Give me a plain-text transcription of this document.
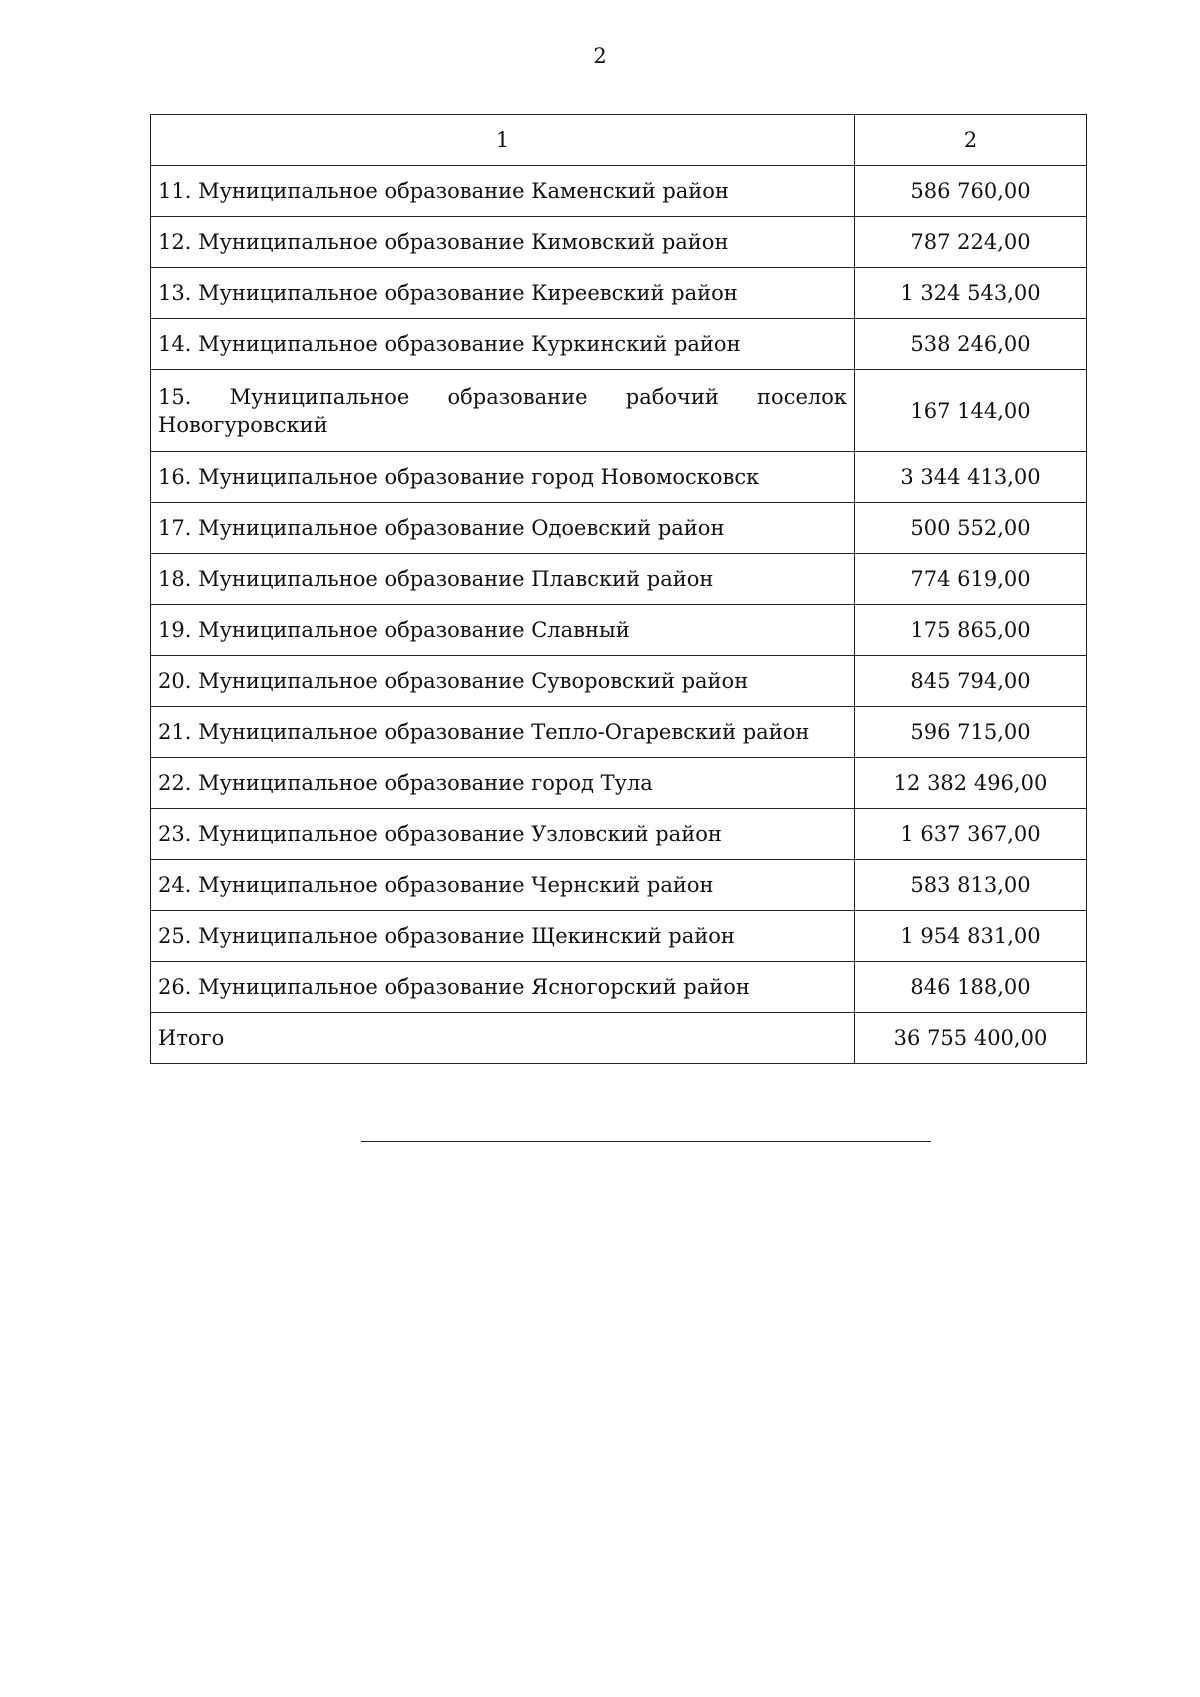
2
1	2
11. Муниципальное образование Каменский район	586 760,00
12. Муниципальное образование Кимовский район	787 224,00
13. Муниципальное образование Киреевский район	1 324 543,00
14. Муниципальное образование Куркинский район	538 246,00
15. Муниципальное образование рабочий поселок Новогуровский	167 144,00
16. Муниципальное образование город Новомосковск	3 344 413,00
17. Муниципальное образование Одоевский район	500 552,00
18. Муниципальное образование Плавский район	774 619,00
19. Муниципальное образование Славный	175 865,00
20. Муниципальное образование Суворовский район	845 794,00
21. Муниципальное образование Тепло-Огаревский район	596 715,00
22. Муниципальное образование город Тула	12 382 496,00
23. Муниципальное образование Узловский район	1 637 367,00
24. Муниципальное образование Чернский район	583 813,00
25. Муниципальное образование Щекинский район	1 954 831,00
26. Муниципальное образование Ясногорский район	846 188,00
Итого	36 755 400,00
